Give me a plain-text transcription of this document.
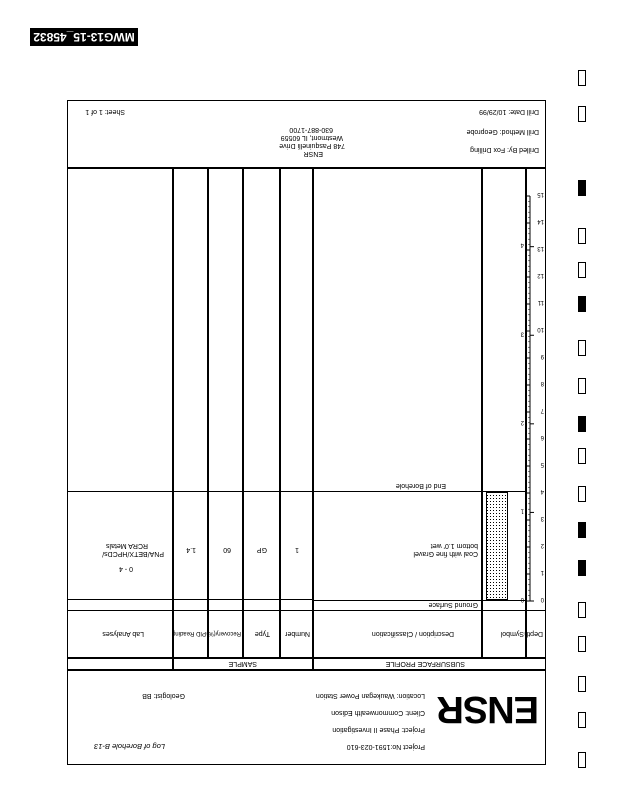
MWG13-15_45832
ENSR
Log of Borehole B-13	Project No:1591-023-610
Project: Phase II Investigation
Client: Commonwealth Edison
Location: Waukegan Power Station
Geologist: BB
SUBSURFACE PROFILE
SAMPLE
Depth
Symbol
Description / Classification
Number
Type
Recovery(%)
PID Reading
Lab Analyses
Ground Surface
Coal with fine Gravel
bottom 1.0' wet
End of Borehole
1
GP
60
1.4
0 - 4
PNA/BETX/HPCDs/
RCRA Metals
0
1
2
3
4
5
6
7
8
9
10
11
12
13
14
15
0
1
2
3
4
Drilled By: Fox Drilling
Drill Method: Geoprobe
ENSR
748 Pasquinelli Drive
Westmont, IL 60559
630-887-1700
Drill Date: 10/29/99
Sheet: 1 of 1
